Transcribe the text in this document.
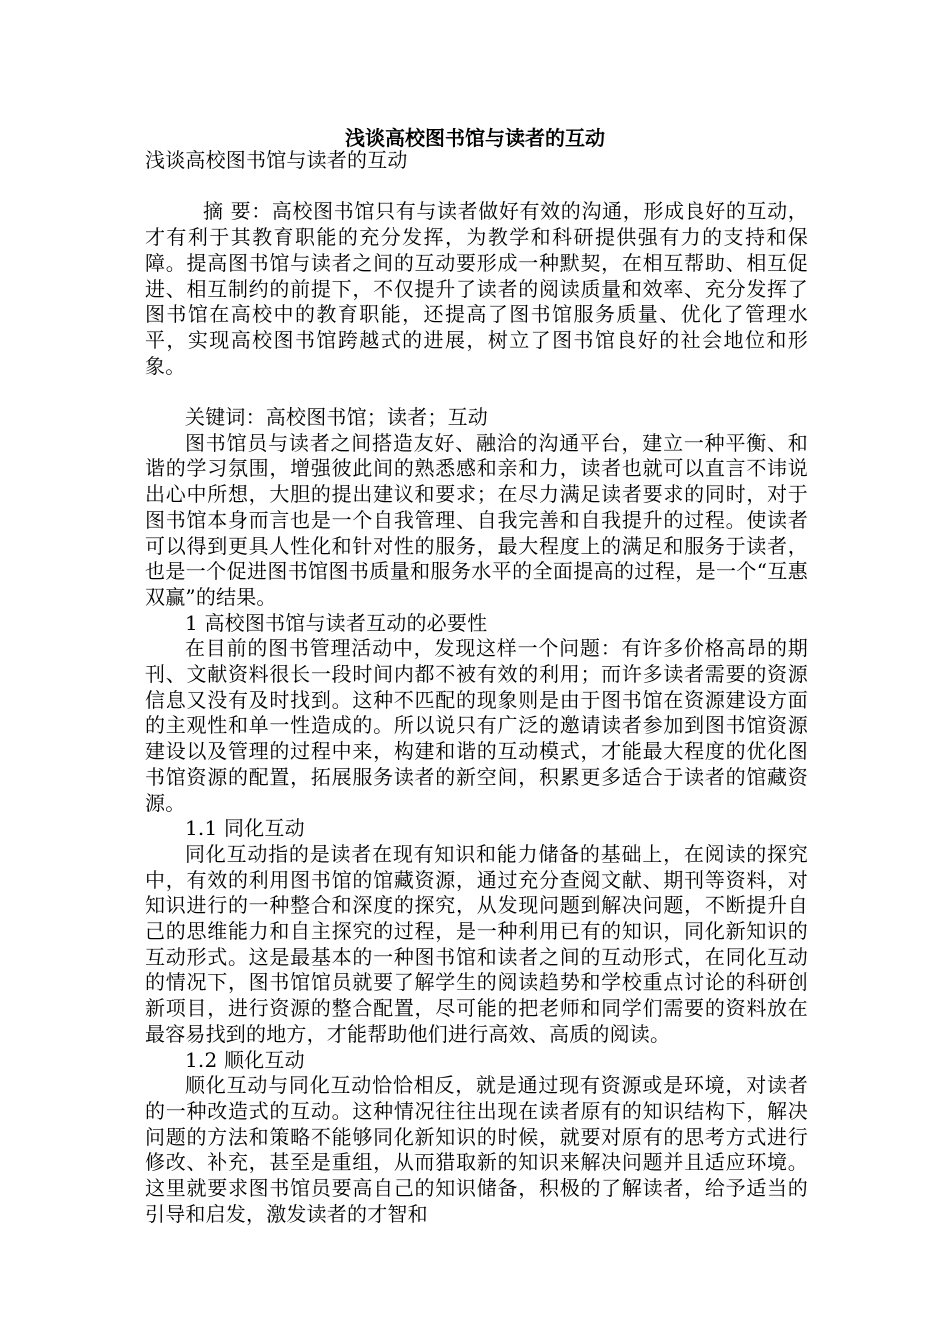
浅谈高校图书馆与读者的互动

浅谈高校图书馆与读者的互动

摘 要：高校图书馆只有与读者做好有效的沟通，形成良好的互动，才有利于其教育职能的充分发挥，为教学和科研提供强有力的支持和保障。提高图书馆与读者之间的互动要形成一种默契，在相互帮助、相互促进、相互制约的前提下，不仅提升了读者的阅读质量和效率、充分发挥了图书馆在高校中的教育职能，还提高了图书馆服务质量、优化了管理水平，实现高校图书馆跨越式的进展，树立了图书馆良好的社会地位和形象。

关键词：高校图书馆；读者；互动

图书馆员与读者之间搭造友好、融洽的沟通平台，建立一种平衡、和谐的学习氛围，增强彼此间的熟悉感和亲和力，读者也就可以直言不讳说出心中所想，大胆的提出建议和要求；在尽力满足读者要求的同时，对于图书馆本身而言也是一个自我管理、自我完善和自我提升的过程。使读者可以得到更具人性化和针对性的服务，最大程度上的满足和服务于读者，也是一个促进图书馆图书质量和服务水平的全面提高的过程，是一个“互惠双赢”的结果。

1 高校图书馆与读者互动的必要性

在目前的图书管理活动中，发现这样一个问题：有许多价格高昂的期刊、文献资料很长一段时间内都不被有效的利用；而许多读者需要的资源信息又没有及时找到。这种不匹配的现象则是由于图书馆在资源建设方面的主观性和单一性造成的。所以说只有广泛的邀请读者参加到图书馆资源建设以及管理的过程中来，构建和谐的互动模式，才能最大程度的优化图书馆资源的配置，拓展服务读者的新空间，积累更多适合于读者的馆藏资源。

1.1 同化互动

同化互动指的是读者在现有知识和能力储备的基础上，在阅读的探究中，有效的利用图书馆的馆藏资源，通过充分查阅文献、期刊等资料，对知识进行的一种整合和深度的探究，从发现问题到解决问题，不断提升自己的思维能力和自主探究的过程，是一种利用已有的知识，同化新知识的互动形式。这是最基本的一种图书馆和读者之间的互动形式，在同化互动的情况下，图书馆馆员就要了解学生的阅读趋势和学校重点讨论的科研创新项目，进行资源的整合配置，尽可能的把老师和同学们需要的资料放在最容易找到的地方，才能帮助他们进行高效、高质的阅读。

1.2 顺化互动

顺化互动与同化互动恰恰相反，就是通过现有资源或是环境，对读者的一种改造式的互动。这种情况往往出现在读者原有的知识结构下，解决问题的方法和策略不能够同化新知识的时候，就要对原有的思考方式进行修改、补充，甚至是重组，从而猎取新的知识来解决问题并且适应环境。这里就要求图书馆员要高自己的知识储备，积极的了解读者，给予适当的引导和启发，激发读者的才智和
